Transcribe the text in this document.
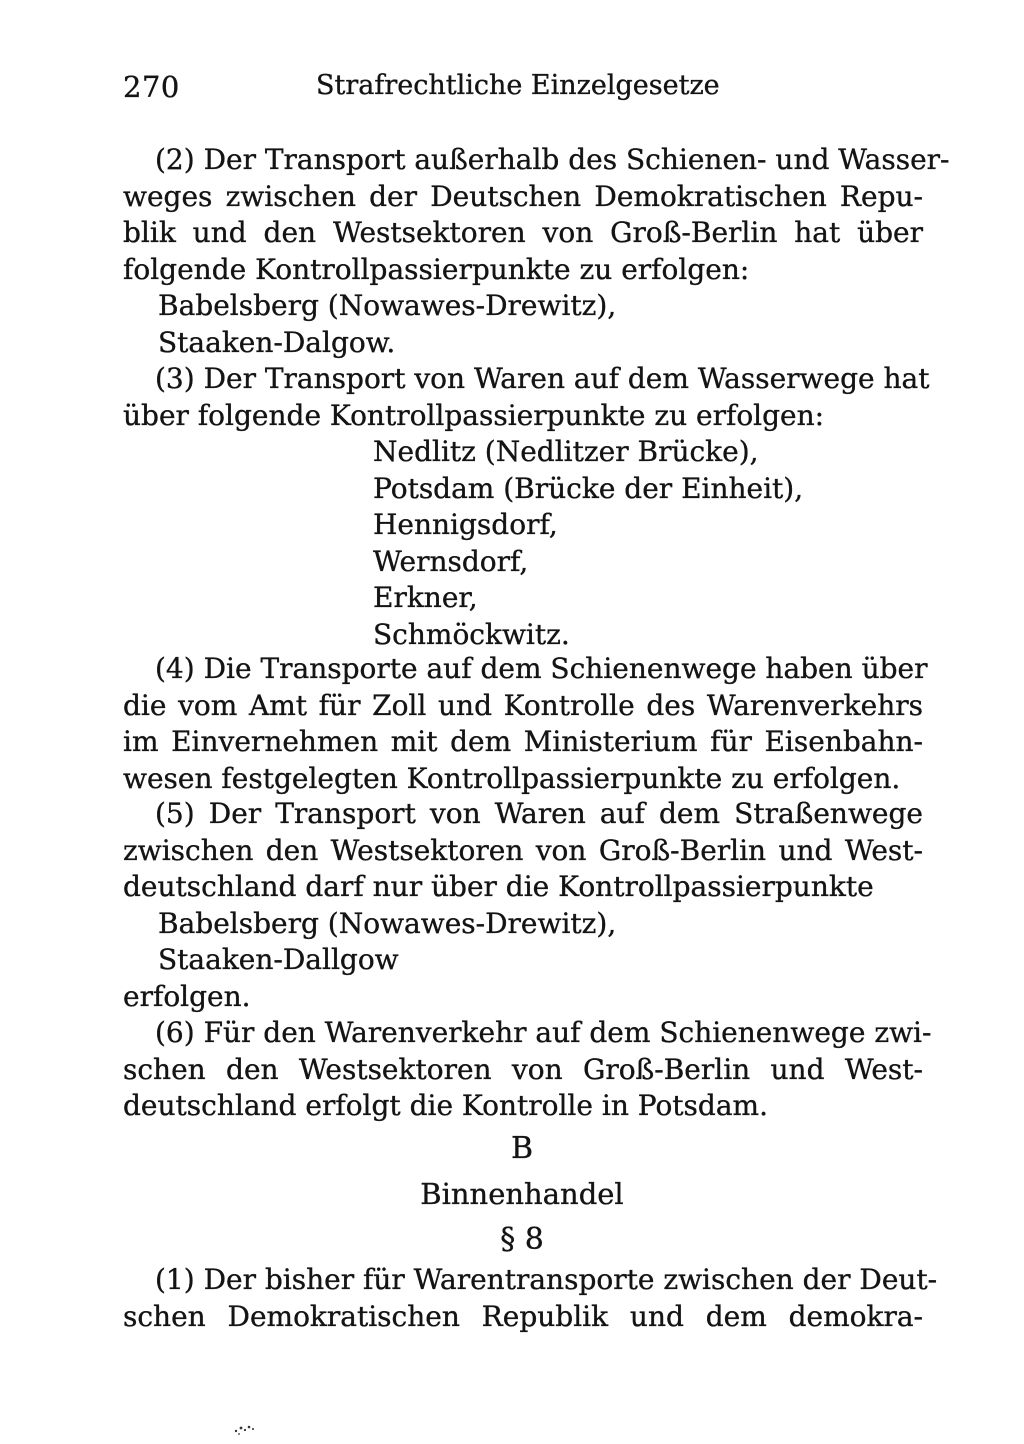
270	Strafrechtliche Einzelgesetze
(2) Der Transport außerhalb des Schienen- und Wasser-
weges zwischen der Deutschen Demokratischen Repu-
blik und den Westsektoren von Groß-Berlin hat über
folgende Kontrollpassierpunkte zu erfolgen:
Babelsberg (Nowawes-Drewitz),
Staaken-Dalgow.
(3) Der Transport von Waren auf dem Wasserwege hat
über folgende Kontrollpassierpunkte zu erfolgen:
Nedlitz (Nedlitzer Brücke),
Potsdam (Brücke der Einheit),
Hennigsdorf,
Wernsdorf,
Erkner,
Schmöckwitz.
(4) Die Transporte auf dem Schienenwege haben über
die vom Amt für Zoll und Kontrolle des Warenverkehrs
im Einvernehmen mit dem Ministerium für Eisenbahn-
wesen festgelegten Kontrollpassierpunkte zu erfolgen.
(5) Der Transport von Waren auf dem Straßenwege
zwischen den Westsektoren von Groß-Berlin und West-
deutschland darf nur über die Kontrollpassierpunkte
Babelsberg (Nowawes-Drewitz),
Staaken-Dallgow
erfolgen.
(6) Für den Warenverkehr auf dem Schienenwege zwi-
schen den Westsektoren von Groß-Berlin und West-
deutschland erfolgt die Kontrolle in Potsdam.
B
Binnenhandel
§ 8
(1) Der bisher für Warentransporte zwischen der Deut-
schen Demokratischen Republik und dem demokra-
